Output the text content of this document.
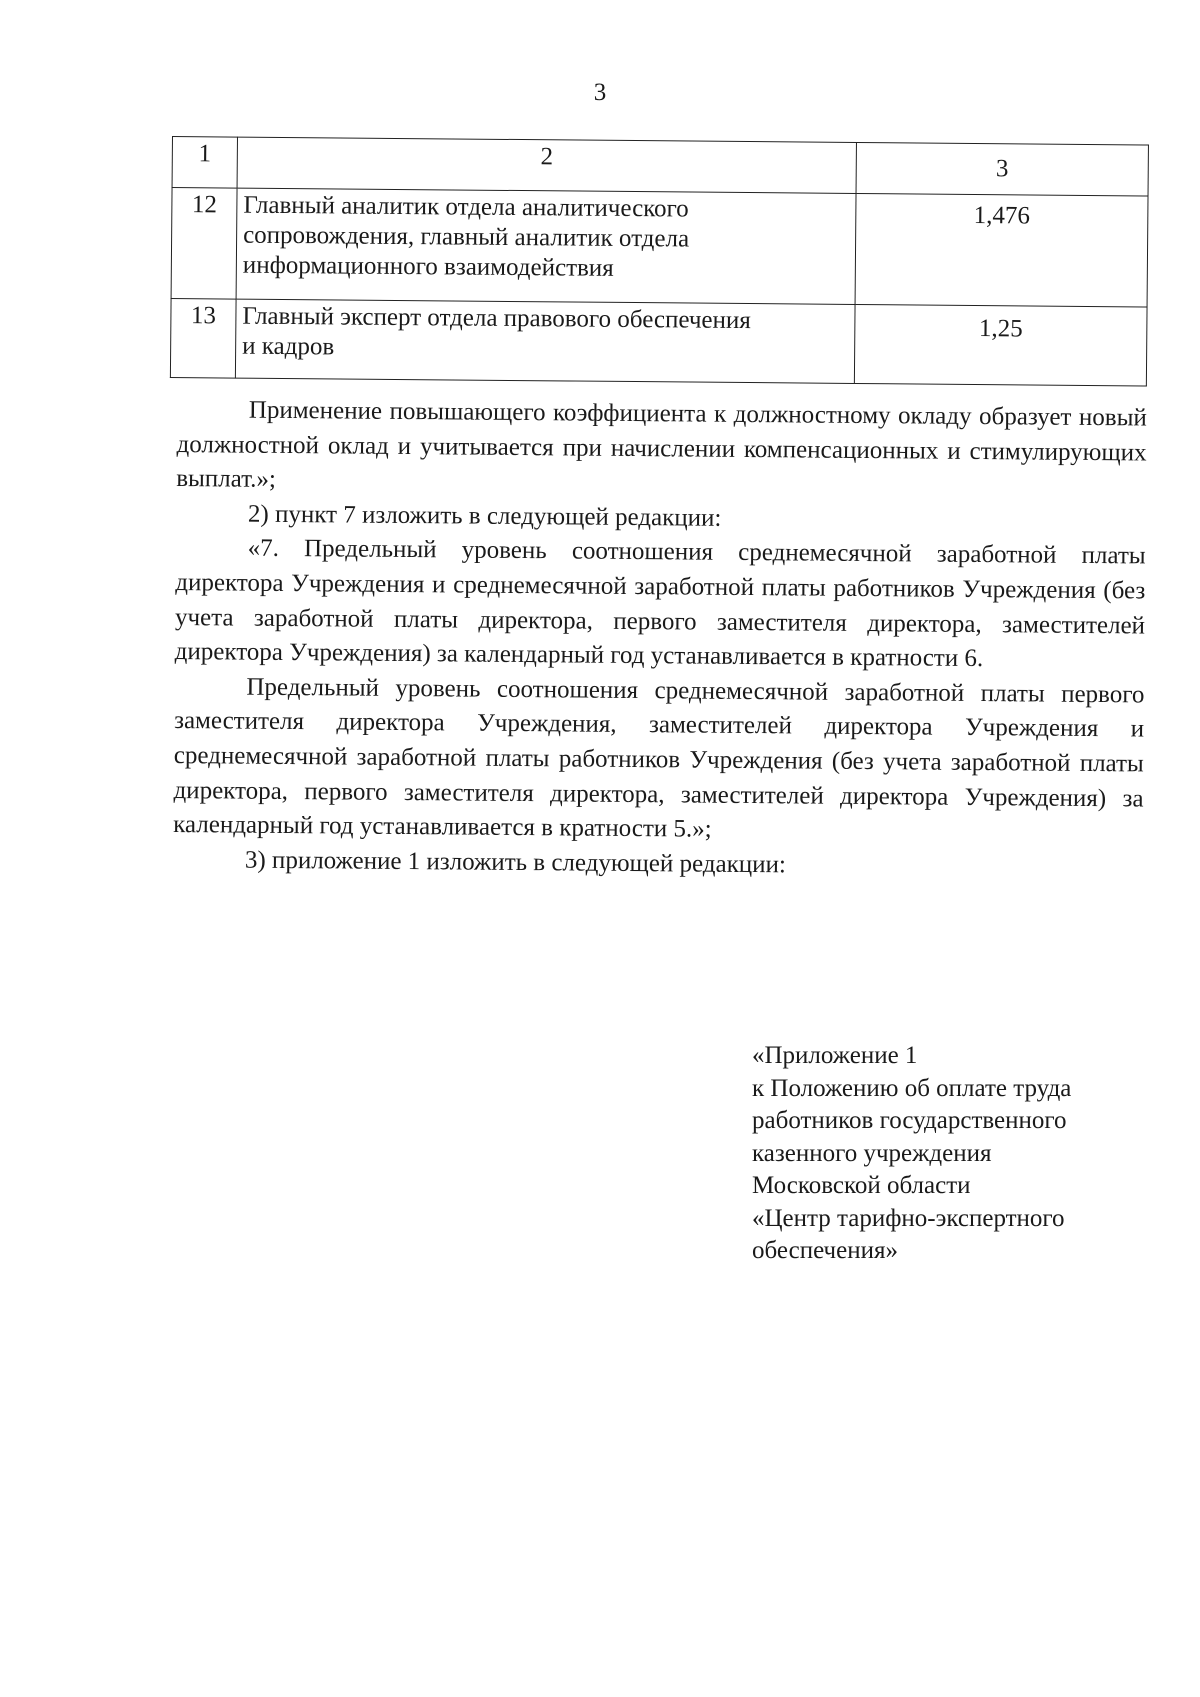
3
1	2	3
12	Главный аналитик отдела аналитического
сопровождения, главный аналитик отдела
информационного взаимодействия	1,476
13	Главный эксперт отдела правового обеспечения
и кадров	1,25

Применение повышающего коэффициента к должностному окладу образует новый должностной оклад и учитывается при начислении компенсационных и стимулирующих выплат.»;

2) пункт 7 изложить в следующей редакции:

«7. Предельный уровень соотношения среднемесячной заработной платы директора Учреждения и среднемесячной заработной платы работников Учреждения (без учета заработной платы директора, первого заместителя директора, заместителей директора Учреждения) за календарный год устанавливается в кратности 6.

Предельный уровень соотношения среднемесячной заработной платы первого заместителя директора Учреждения, заместителей директора Учреждения и среднемесячной заработной платы работников Учреждения (без учета заработной платы директора, первого заместителя директора, заместителей директора Учреждения) за календарный год устанавливается в кратности 5.»;

3) приложение 1 изложить в следующей редакции:

«Приложение 1
к Положению об оплате труда
работников государственного
казенного учреждения
Московской области
«Центр тарифно-экспертного
обеспечения»
